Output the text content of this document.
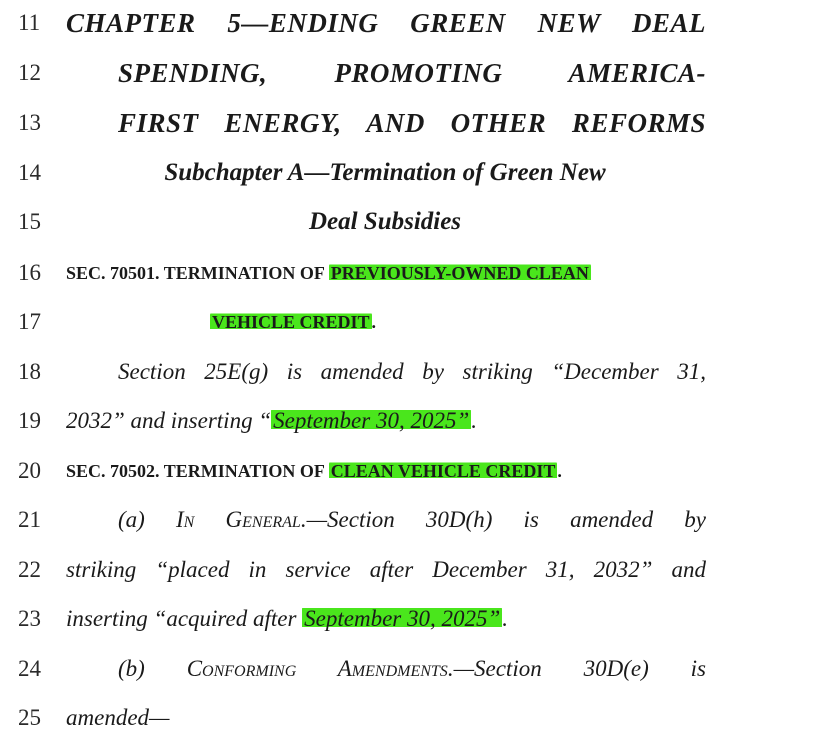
11 CHAPTER 5—ENDING GREEN NEW DEAL
12	SPENDING, PROMOTING AMERICA-
13	FIRST ENERGY, AND OTHER REFORMS
14	Subchapter A—Termination of Green New
15	Deal Subsidies
16	SEC. 70501. TERMINATION OF PREVIOUSLY-OWNED CLEAN
17	VEHICLE CREDIT .
18	Section 25E(g) is amended by striking “December 31,
19	2032” and inserting “September 30, 2025”.
20	SEC. 70502. TERMINATION OF CLEAN VEHICLE CREDIT .
21	(a) In General.—Section 30D(h) is amended by
22	striking “placed in service after December 31, 2032” and
23	inserting “acquired after September 30, 2025”.
24	(b) Conforming Amendments.—Section 30D(e) is
25	amended—
